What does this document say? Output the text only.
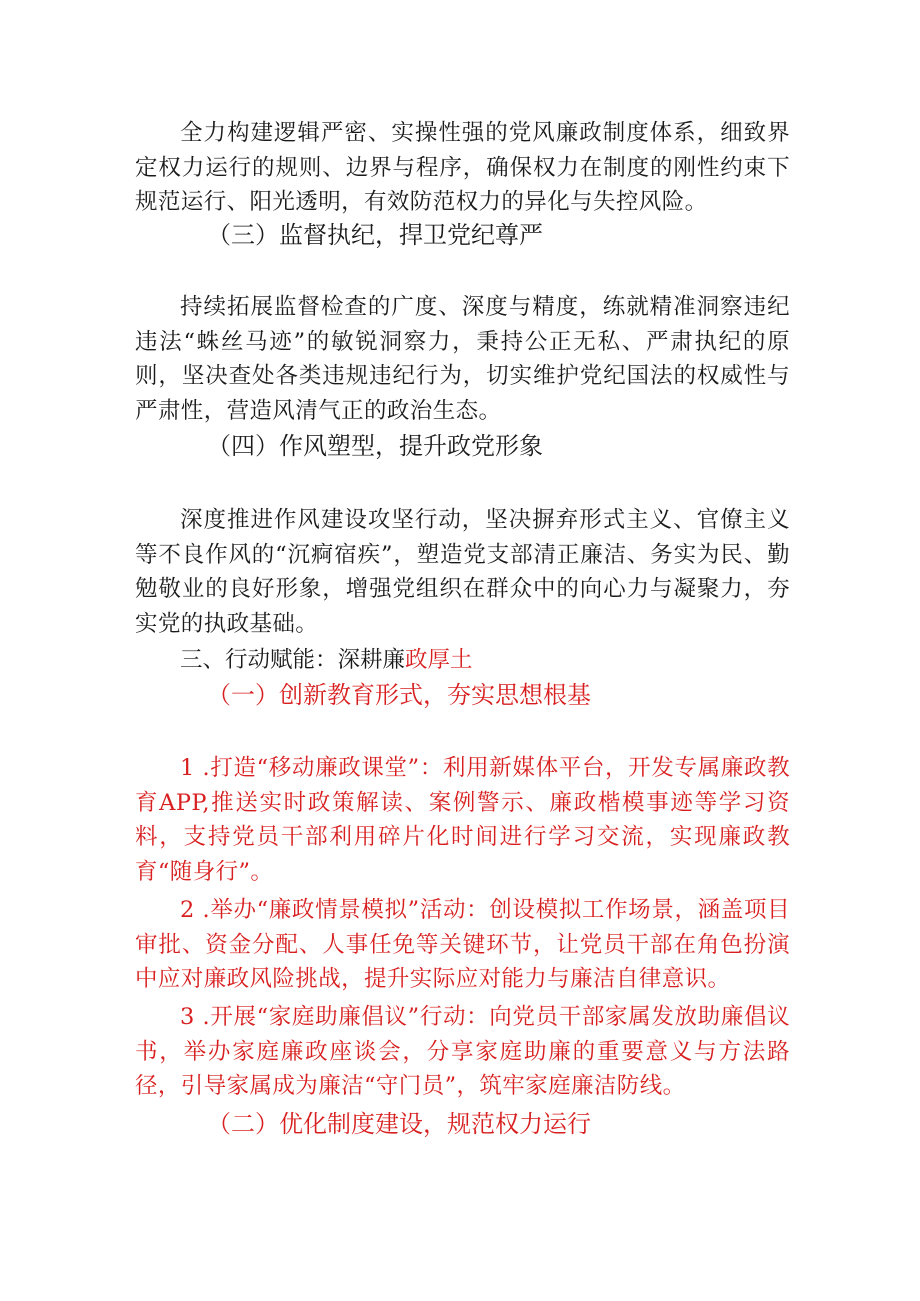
全力构建逻辑严密、实操性强的党风廉政制度体系，细致界定权力运行的规则、边界与程序，确保权力在制度的刚性约束下规范运行、阳光透明，有效防范权力的异化与失控风险。

（三）监督执纪，捍卫党纪尊严

持续拓展监督检查的广度、深度与精度，练就精准洞察违纪违法“蛛丝马迹”的敏锐洞察力，秉持公正无私、严肃执纪的原则，坚决查处各类违规违纪行为，切实维护党纪国法的权威性与严肃性，营造风清气正的政治生态。

（四）作风塑型，提升政党形象

深度推进作风建设攻坚行动，坚决摒弃形式主义、官僚主义等不良作风的“沉痾宿疾”，塑造党支部清正廉洁、务实为民、勤勉敬业的良好形象，增强党组织在群众中的向心力与凝聚力，夯实党的执政基础。

三、行动赋能：深耕廉政厚土
（一）创新教育形式，夯实思想根基

1 .打造“移动廉政课堂”：利用新媒体平台，开发专属廉政教育APP,推送实时政策解读、案例警示、廉政楷模事迹等学习资料，支持党员干部利用碎片化时间进行学习交流，实现廉政教育“随身行”。

2 .举办“廉政情景模拟”活动：创设模拟工作场景，涵盖项目审批、资金分配、人事任免等关键环节，让党员干部在角色扮演中应对廉政风险挑战，提升实际应对能力与廉洁自律意识。

3 .开展“家庭助廉倡议”行动：向党员干部家属发放助廉倡议书，举办家庭廉政座谈会，分享家庭助廉的重要意义与方法路径，引导家属成为廉洁“守门员”，筑牢家庭廉洁防线。

（二）优化制度建设，规范权力运行
